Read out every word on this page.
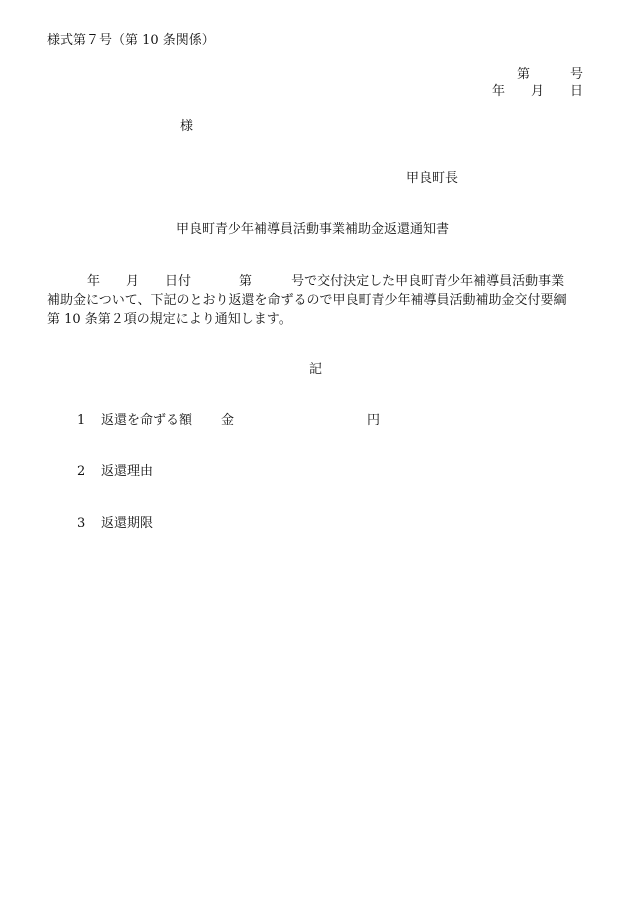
様式第７号（第 10 条関係）
第	号
年 月 日
様
甲良町長
甲良町青少年補導員活動事業補助金返還通知書
年 月 日付	第	号で交付決定した甲良町青少年補導員活動事業
補助金について、下記のとおり返還を命ずるので甲良町青少年補導員活動補助金交付要綱
第 10 条第２項の規定により通知します。
記
1 返還を命ずる額 金	円
2 返還理由
3 返還期限
